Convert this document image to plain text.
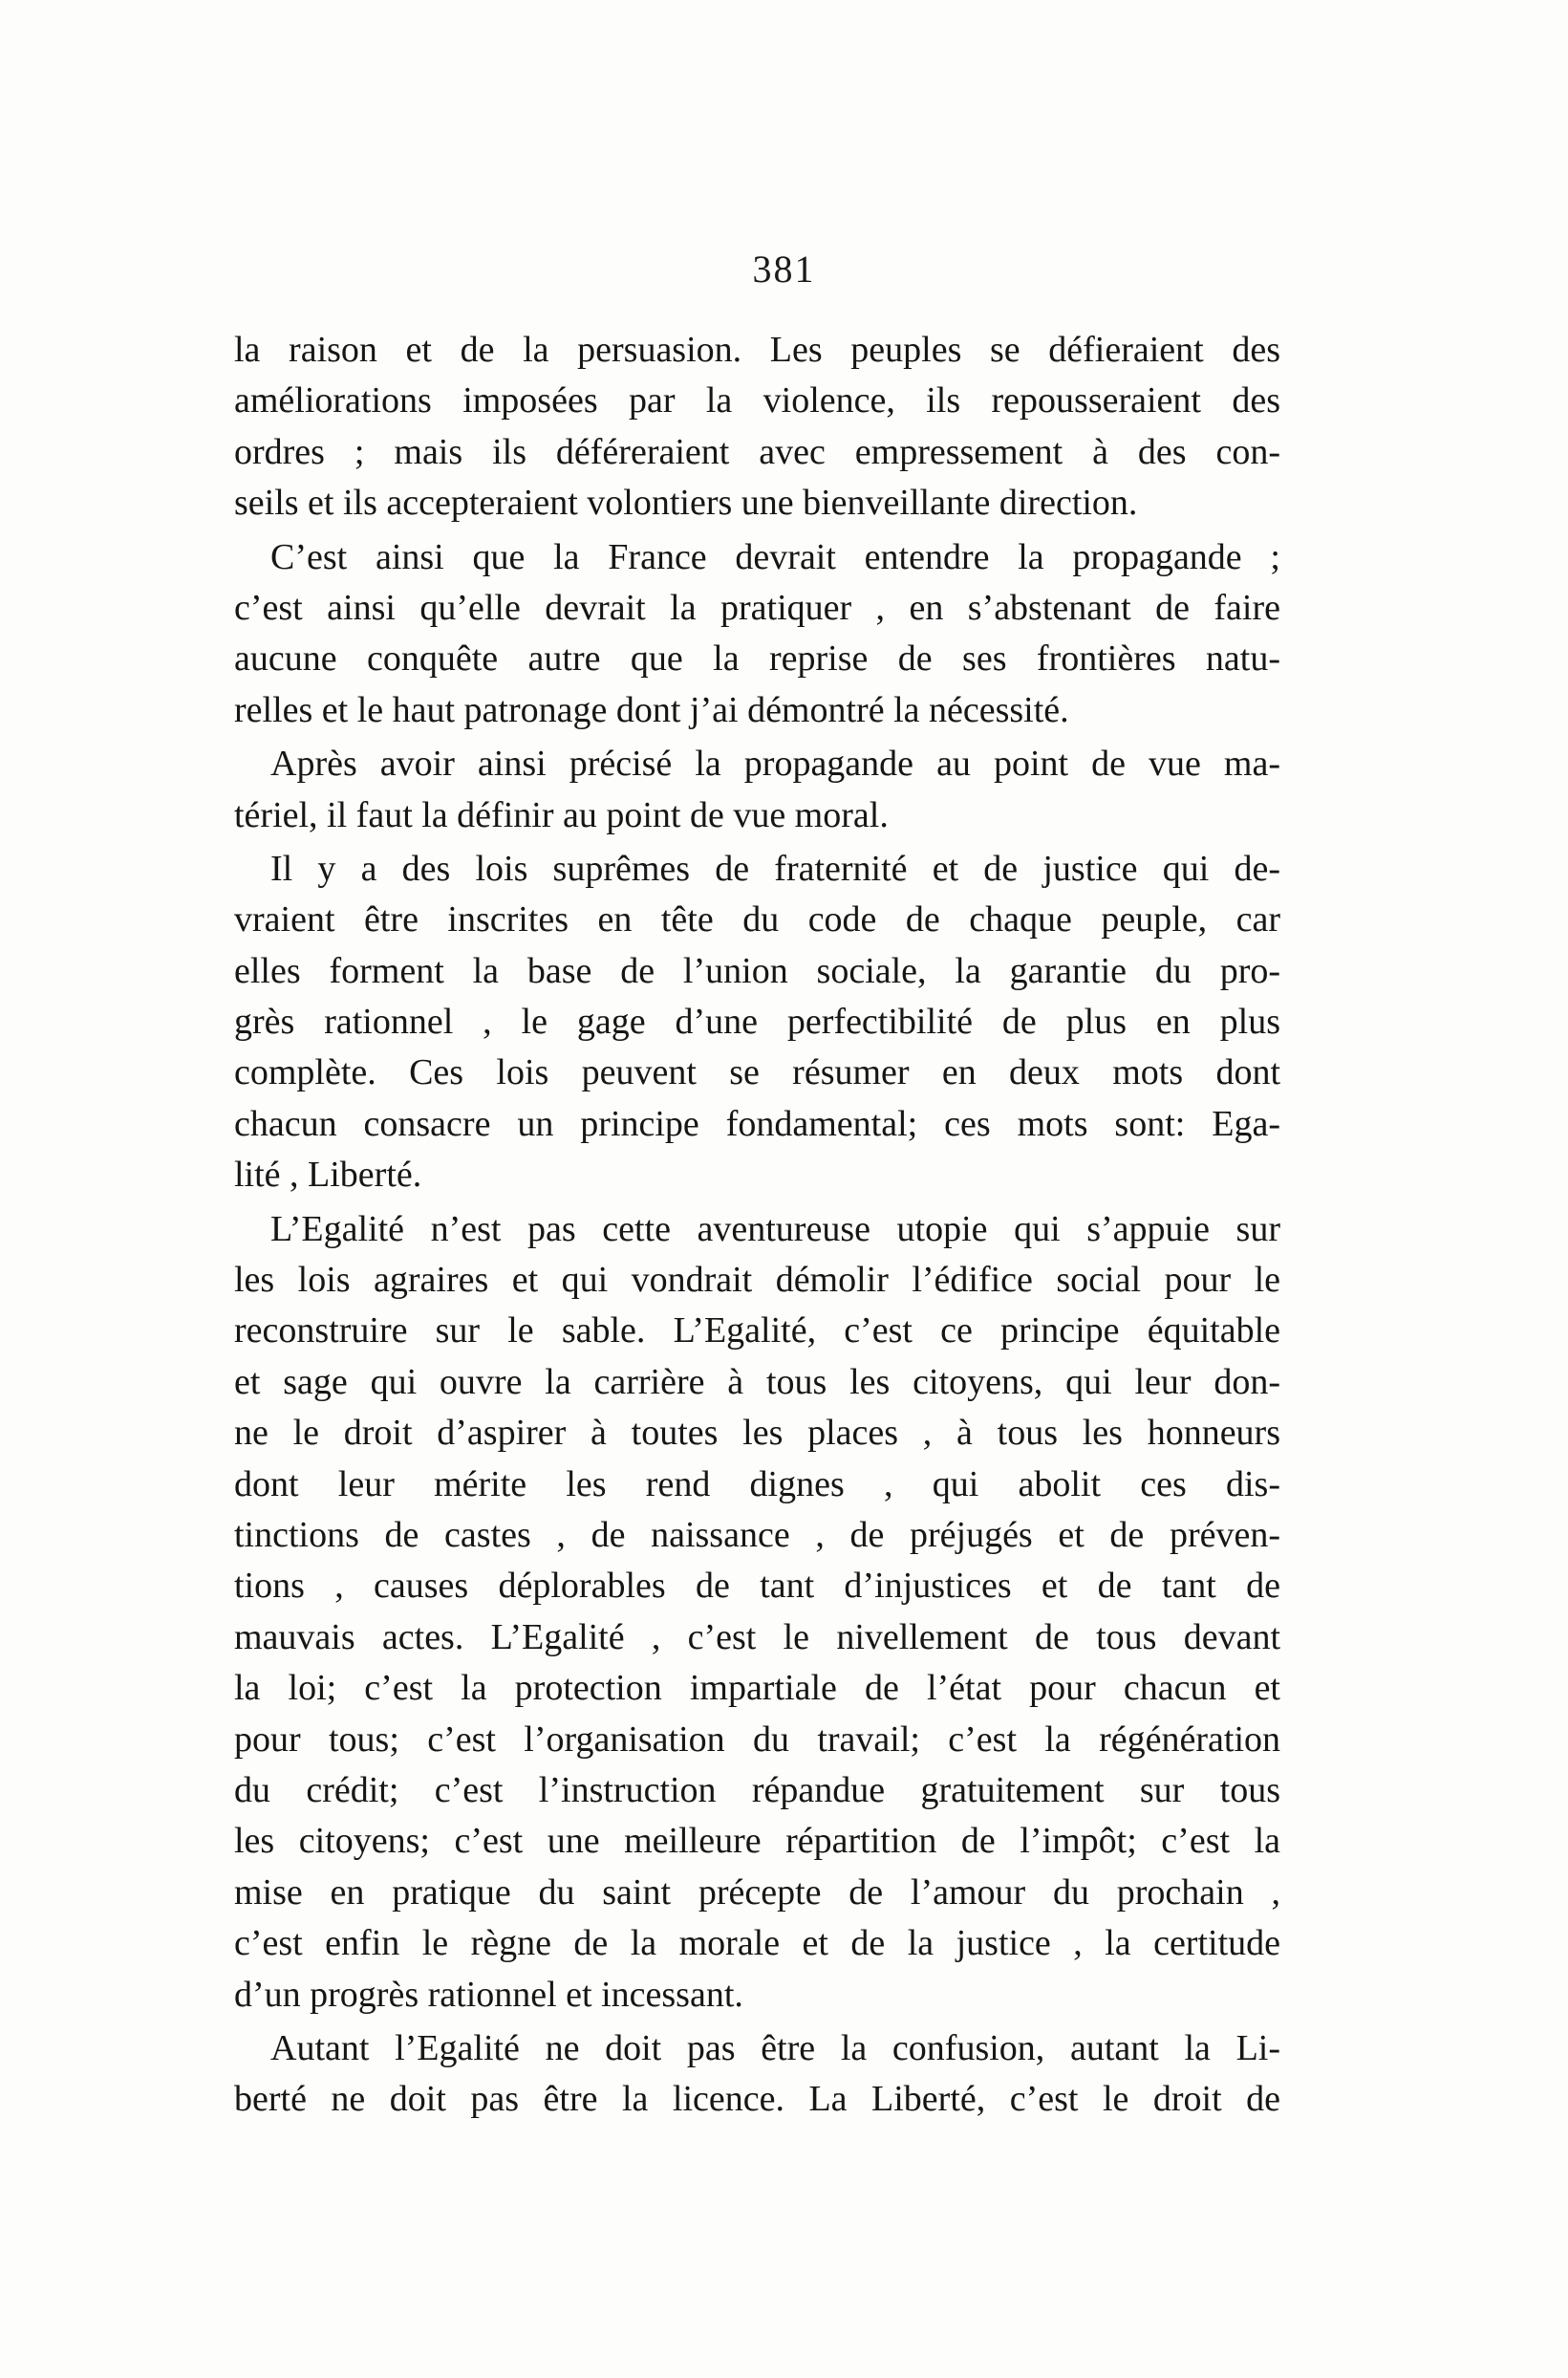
381
la raison et de la persuasion. Les peuples se défieraient des
améliorations imposées par la violence, ils repousseraient des
ordres ; mais ils déféreraient avec empressement à des con-
seils et ils accepteraient volontiers une bienveillante direction.
C’est ainsi que la France devrait entendre la propagande ;
c’est ainsi qu’elle devrait la pratiquer , en s’abstenant de faire
aucune conquête autre que la reprise de ses frontières natu-
relles et le haut patronage dont j’ai démontré la nécessité.
Après avoir ainsi précisé la propagande au point de vue ma-
tériel, il faut la définir au point de vue moral.
Il y a des lois suprêmes de fraternité et de justice qui de-
vraient être inscrites en tête du code de chaque peuple, car
elles forment la base de l’union sociale, la garantie du pro-
grès rationnel , le gage d’une perfectibilité de plus en plus
complète. Ces lois peuvent se résumer en deux mots dont
chacun consacre un principe fondamental; ces mots sont: Ega-
lité , Liberté.
L’Egalité n’est pas cette aventureuse utopie qui s’appuie sur
les lois agraires et qui vondrait démolir l’édifice social pour le
reconstruire sur le sable. L’Egalité, c’est ce principe équitable
et sage qui ouvre la carrière à tous les citoyens, qui leur don-
ne le droit d’aspirer à toutes les places , à tous les honneurs
dont leur mérite les rend dignes , qui abolit ces dis-
tinctions de castes , de naissance , de préjugés et de préven-
tions , causes déplorables de tant d’injustices et de tant de
mauvais actes. L’Egalité , c’est le nivellement de tous devant
la loi; c’est la protection impartiale de l’état pour chacun et
pour tous; c’est l’organisation du travail; c’est la régénération
du crédit; c’est l’instruction répandue gratuitement sur tous
les citoyens; c’est une meilleure répartition de l’impôt; c’est la
mise en pratique du saint précepte de l’amour du prochain ,
c’est enfin le règne de la morale et de la justice , la certitude
d’un progrès rationnel et incessant.
Autant l’Egalité ne doit pas être la confusion, autant la Li-
berté ne doit pas être la licence. La Liberté, c’est le droit de
